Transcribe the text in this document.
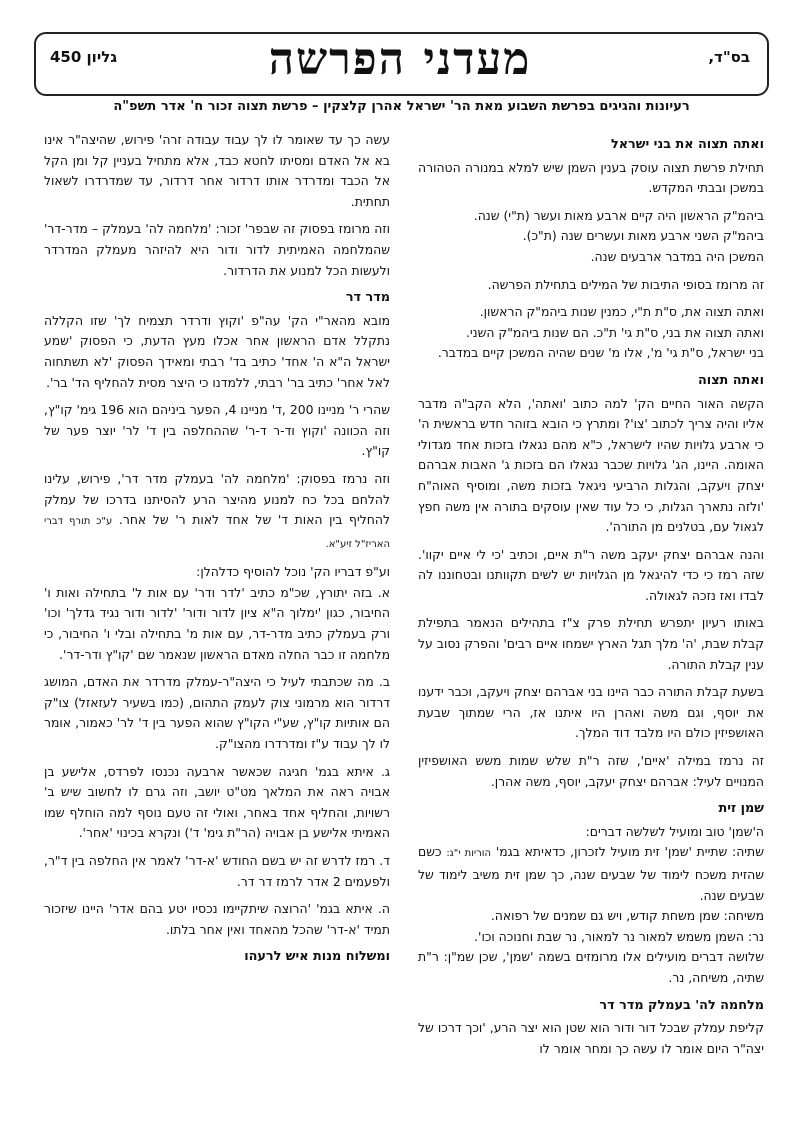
גליון 450	בס"ד,
מעדני הפרשה
רעיונות והגיגים בפרשת השבוע מאת הר' ישראל אהרן קלצקין – פרשת תצוה זכור ח' אדר תשפ"ה
ואתה תצוה את בני ישראל

תחילת פרשת תצוה עוסק בענין השמן שיש למלא במנורה הטהורה במשכן ובבתי המקדש.

ביהמ"ק הראשון היה קיים ארבע מאות ועשר (ת"י) שנה.

ביהמ"ק השני ארבע מאות ועשרים שנה (ת"כ).

המשכן היה במדבר ארבעים שנה.

זה מרומז בסופי התיבות של המילים בתחילת הפרשה.

ואתה תצוה את, ס"ת ת"י, כמנין שנות ביהמ"ק הראשון.

ואתה תצוה את בני, ס"ת גי' ת"כ. הם שנות ביהמ"ק השני.

בני ישראל, ס"ת גי' מ', אלו מ' שנים שהיה המשכן קיים במדבר.

ואתה תצוה

הקשה האור החיים הק' למה כתוב 'ואתה', הלא הקב"ה מדבר אליו והיה צריך לכתוב 'צו'? ומתרץ כי הובא בזוהר חדש בראשית ה' כי ארבע גלויות שהיו לישראל, כ"א מהם נגאלו בזכות אחד מגדולי האומה. היינו, הג' גלויות שכבר נגאלו הם בזכות ג' האבות אברהם יצחק ויעקב, והגלות הרביעי ניגאל בזכות משה, ומוסיף האוה"ח 'ולזה נתארך הגלות, כי כל עוד שאין עוסקים בתורה אין משה חפץ לגאול עם, בטלנים מן התורה'.

והנה אברהם יצחק יעקב משה ר"ת איים, וכתיב 'כי לי איים יקוו'. שזה רמז כי כדי להיגאל מן הגלויות יש לשים תקוותנו ובטחוננו לה לבדו ואז נזכה לגאולה.

באותו רעיון יתפרש תחילת פרק צ"ז בתהילים הנאמר בתפילת קבלת שבת, 'ה' מלך תגל הארץ ישמחו איים רבים' והפרק נסוב על ענין קבלת התורה.

בשעת קבלת התורה כבר היינו בני אברהם יצחק ויעקב, וכבר ידענו את יוסף, וגם משה ואהרן היו איתנו אז, הרי שמתוך שבעת האושפיזין כולם היו מלבד דוד המלך.

זה נרמז במילה 'איים', שזה ר"ת שלש שמות משש האושפיזין המנויים לעיל: אברהם יצחק יעקב, יוסף, משה אהרן.

שמן זית

ה'שמן' טוב ומועיל לשלשה דברים:

שתיה: שתיית 'שמן' זית מועיל לזכרון, כדאיתא בגמ' הוריות י"ג: כשם שהזית משכח לימוד של שבעים שנה, כך שמן זית משיב לימוד של שבעים שנה.

משיחה: שמן משחת קודש, ויש גם שמנים של רפואה.

נר: השמן משמש למאור נר למאור, נר שבת וחנוכה וכו'.

שלושה דברים מועילים אלו מרומזים בשמה 'שמן', שכן שמ"ן: ר"ת שתיה, משיחה, נר.

מלחמה לה' בעמלק מדר דר

קליפת עמלק שבכל דור ודור הוא שטן הוא יצר הרע, 'וכך דרכו של יצה"ר היום אומר לו עשה כך ומחר אומר לו

עשה כך עד שאומר לו לך עבוד עבודה זרה' פירוש, שהיצה"ר אינו בא אל האדם ומסיתו לחטא כבד, אלא מתחיל בעניין קל ומן הקל אל הכבד ומדרדר אותו דרדור אחר דרדור, עד שמדרדרו לשאול תחתית.

וזה מרומז בפסוק זה שבפר' זכור: 'מלחמה לה' בעמלק – מדר-דר' שהמלחמה האמיתית לדור ודור היא להיזהר מעמלק המדרדר ולעשות הכל למנוע את הדרדור.

מדר דר

מובא מהאר"י הק' עה"פ 'וקוץ ודרדר תצמיח לך' שזו הקללה נתקלל אדם הראשון אחר אכלו מעץ הדעת, כי הפסוק 'שמע ישראל ה"א ה' אחד' כתיב בד' רבתי ומאידך הפסוק 'לא תשתחוה לאל אחר' כתיב בר' רבתי, ללמדנו כי היצר מסית להחליף הד' בר'.

שהרי ר' מניינו 200 ,ד' מניינו 4, הפער ביניהם הוא 196 גימ' קו"ץ, וזה הכוונה 'וקוץ וד-ר ד-ר' שההחלפה בין ד' לר' יוצר פער של קו"ץ.

וזה נרמז בפסוק: 'מלחמה לה' בעמלק מדר דר', פירוש, עלינו להלחם בכל כח למנוע מהיצר הרע להסיתנו בדרכו של עמלק להחליף בין האות ד' של אחד לאות ר' של אחר. ע"כ תורף דברי האריז"ל זיע"א.

וע"פ דבריו הק' נוכל להוסיף כדלהלן:

א. בזה יתורץ, שכ"מ כתיב 'לדר ודר' עם אות ל' בתחילה ואות ו' החיבור, כגון 'ימלוך ה"א ציון לדור ודור' 'לדור ודור נגיד גדלך' וכו' ורק בעמלק כתיב מדר-דר, עם אות מ' בתחילה ובלי ו' החיבור, כי מלחמה זו כבר החלה מאדם הראשון שנאמר שם 'קו"ץ ודר-דר'.

ב. מה שכתבתי לעיל כי היצה"ר-עמלק מדרדר את האדם, המושג דרדור הוא מרמוני צוק לעמק התהום, (כמו בשעיר לעזאזל) צו"ק הם אותיות קו"ץ, שע"י הקו"ץ שהוא הפער בין ד' לר' כאמור, אומר לו לך עבוד ע"ז ומדרדרו מהצו"ק.

ג. איתא בגמ' חגיגה שכאשר ארבעה נכנסו לפרדס, אלישע בן אבויה ראה את המלאך מט"ט יושב, וזה גרם לו לחשוב שיש ב' רשויות, והחליף אחד באחר, ואולי זה טעם נוסף למה הוחלף שמו האמיתי אלישע בן אבויה (הר"ת גימ' ד') ונקרא בכינוי 'אחר'.

ד. רמז לדרש זה יש בשם החודש 'א-דר' לאמר אין החלפה בין ד"ר, ולפעמים 2 אדר לרמז דר דר.

ה. איתא בגמ' 'הרוצה שיתקיימו נכסיו יטע בהם אדר' היינו שיזכור תמיד 'א-דר' שהכל מהאחד ואין אחר בלתו.

ומשלוח מנות איש לרעהו
